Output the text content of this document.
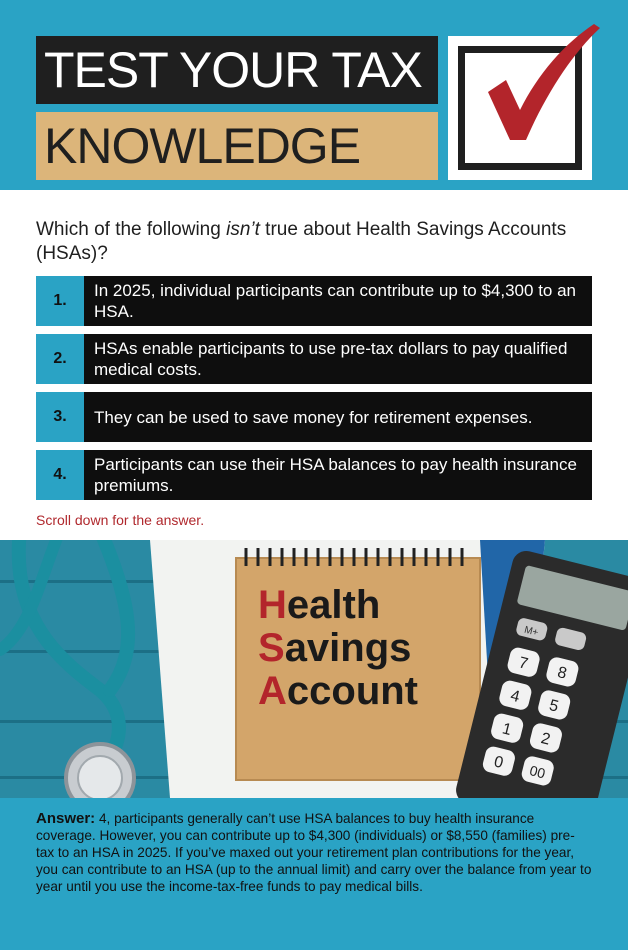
TEST YOUR TAX
KNOWLEDGE
Which of the following isn’t true about Health Savings Accounts (HSAs)?
1.
In 2025, individual participants can contribute up to $4,300 to an HSA.
2.
HSAs enable participants to use pre-tax dollars to pay qualified medical costs.
3.	They can be used to save money for retirement expenses.
4.
Participants can use their HSA balances to pay health insurance premiums.
Scroll down for the answer.
M+
7
8
4
5
1
2
0 00
Health
Savings
Account
Answer: 4, participants generally can’t use HSA balances to buy health insurance coverage. However, you can contribute up to $4,300 (individuals) or $8,550 (families) pre-tax to an HSA in 2025. If you’ve maxed out your retirement plan contributions for the year, you can contribute to an HSA (up to the annual limit) and carry over the balance from year to year until you use the income-tax-free funds to pay medical bills.
